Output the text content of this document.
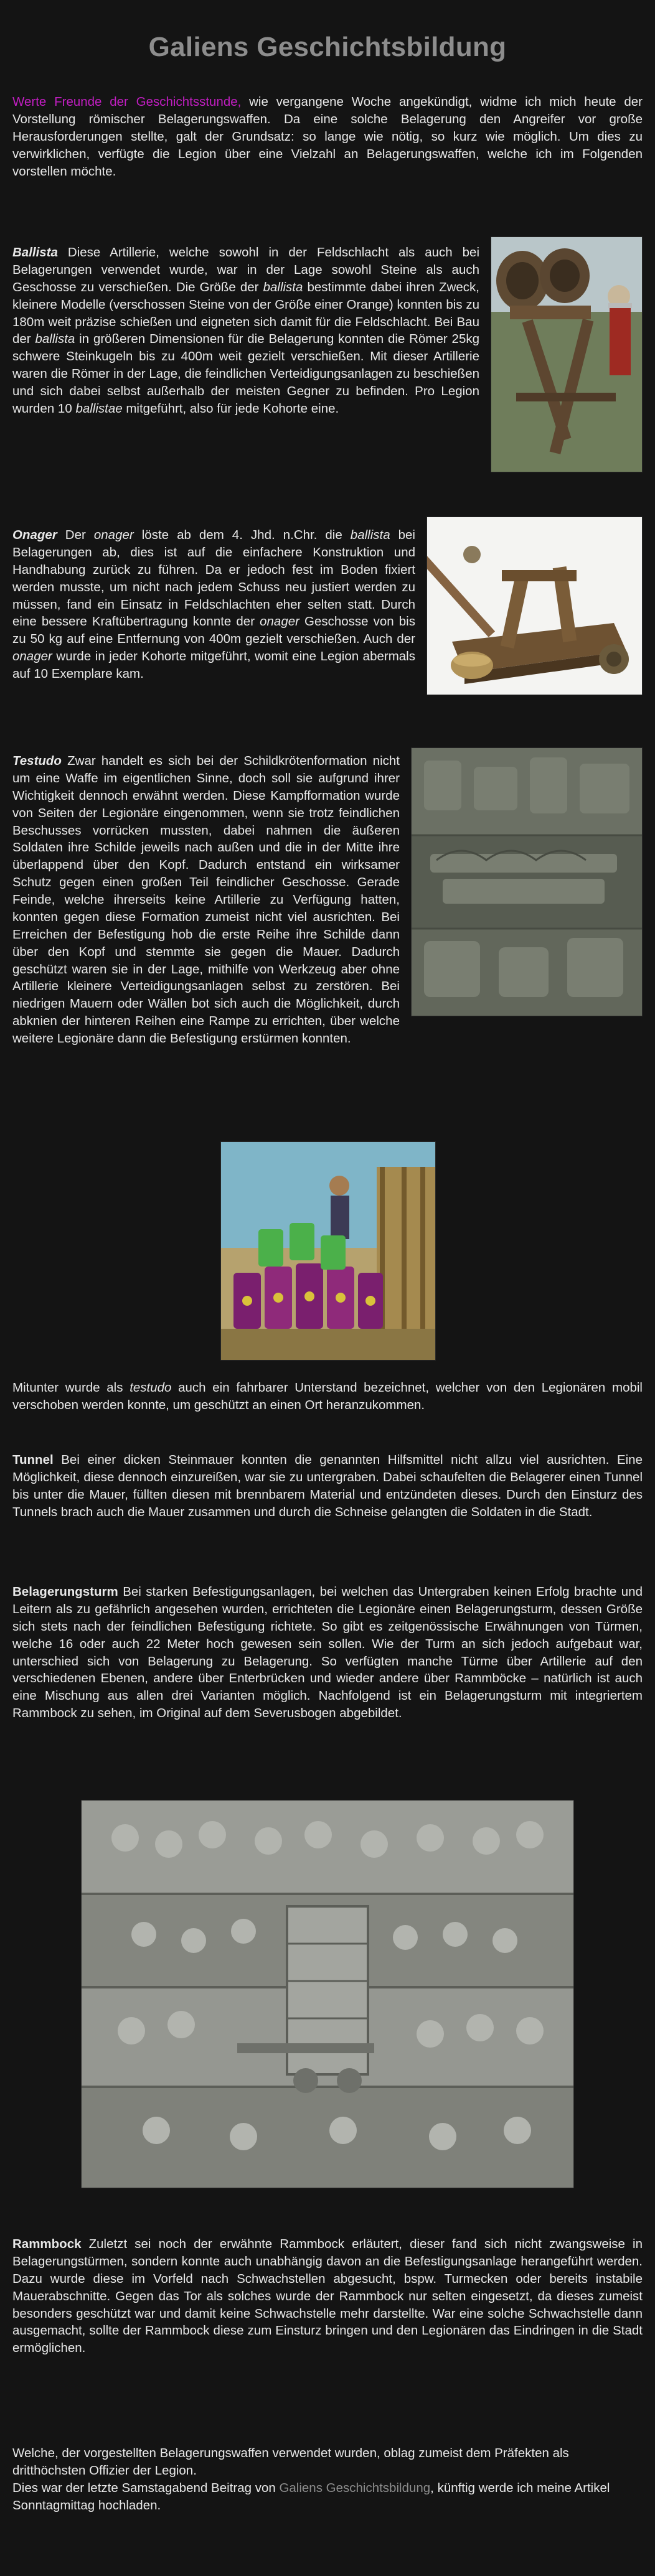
Galiens Geschichtsbildung

Werte Freunde der Geschichtsstunde, wie vergangene Woche angekündigt, widme ich mich heute der Vorstellung römischer Belagerungswaffen. Da eine solche Belagerung den Angreifer vor große Herausforderungen stellte, galt der Grundsatz: so lange wie nötig, so kurz wie möglich. Um dies zu verwirklichen, verfügte die Legion über eine Vielzahl an Belagerungswaffen, welche ich im Folgenden vorstellen möchte.

Ballista Diese Artillerie, welche sowohl in der Feldschlacht als auch bei Belagerungen verwendet wurde, war in der Lage sowohl Steine als auch Geschosse zu verschießen. Die Größe der ballista bestimmte dabei ihren Zweck, kleinere Modelle (verschossen Steine von der Größe einer Orange) konnten bis zu 180m weit präzise schießen und eigneten sich damit für die Feldschlacht. Bei Bau der ballista in größeren Dimensionen für die Belagerung konnten die Römer 25kg schwere Steinkugeln bis zu 400m weit gezielt verschießen. Mit dieser Artillerie waren die Römer in der Lage, die feindlichen Verteidigungsanlagen zu beschießen und sich dabei selbst außerhalb der meisten Gegner zu befinden. Pro Legion wurden 10 ballistae mitgeführt, also für jede Kohorte eine.

Onager Der onager löste ab dem 4. Jhd. n.Chr. die ballista bei Belagerungen ab, dies ist auf die einfachere Konstruktion und Handhabung zurück zu führen. Da er jedoch fest im Boden fixiert werden musste, um nicht nach jedem Schuss neu justiert werden zu müssen, fand ein Einsatz in Feldschlachten eher selten statt. Durch eine bessere Kraftübertragung konnte der onager Geschosse von bis zu 50 kg auf eine Entfernung von 400m gezielt verschießen. Auch der onager wurde in jeder Kohorte mitgeführt, womit eine Legion abermals auf 10 Exemplare kam.

Testudo Zwar handelt es sich bei der Schildkrötenformation nicht um eine Waffe im eigentlichen Sinne, doch soll sie aufgrund ihrer Wichtigkeit dennoch erwähnt werden. Diese Kampfformation wurde von Seiten der Legionäre eingenommen, wenn sie trotz feindlichen Beschusses vorrücken mussten, dabei nahmen die äußeren Soldaten ihre Schilde jeweils nach außen und die in der Mitte ihre überlappend über den Kopf. Dadurch entstand ein wirksamer Schutz gegen einen großen Teil feindlicher Geschosse. Gerade Feinde, welche ihrerseits keine Artillerie zu Verfügung hatten, konnten gegen diese Formation zumeist nicht viel ausrichten. Bei Erreichen der Befestigung hob die erste Reihe ihre Schilde dann über den Kopf und stemmte sie gegen die Mauer. Dadurch geschützt waren sie in der Lage, mithilfe von Werkzeug aber ohne Artillerie kleinere Verteidigungsanlagen selbst zu zerstören. Bei niedrigen Mauern oder Wällen bot sich auch die Möglichkeit, durch abknien der hinteren Reihen eine Rampe zu errichten, über welche weitere Legionäre dann die Befestigung erstürmen konnten.

Mitunter wurde als testudo auch ein fahrbarer Unterstand bezeichnet, welcher von den Legionären mobil verschoben werden konnte, um geschützt an einen Ort heranzukommen.

Tunnel Bei einer dicken Steinmauer konnten die genannten Hilfsmittel nicht allzu viel ausrichten. Eine Möglichkeit, diese dennoch einzureißen, war sie zu untergraben. Dabei schaufelten die Belagerer einen Tunnel bis unter die Mauer, füllten diesen mit brennbarem Material und entzündeten dieses. Durch den Einsturz des Tunnels brach auch die Mauer zusammen und durch die Schneise gelangten die Soldaten in die Stadt.

Belagerungsturm Bei starken Befestigungsanlagen, bei welchen das Untergraben keinen Erfolg brachte und Leitern als zu gefährlich angesehen wurden, errichteten die Legionäre einen Belagerungsturm, dessen Größe sich stets nach der feindlichen Befestigung richtete. So gibt es zeitgenössische Erwähnungen von Türmen, welche 16 oder auch 22 Meter hoch gewesen sein sollen. Wie der Turm an sich jedoch aufgebaut war, unterschied sich von Belagerung zu Belagerung. So verfügten manche Türme über Artillerie auf den verschiedenen Ebenen, andere über Enterbrücken und wieder andere über Rammböcke – natürlich ist auch eine Mischung aus allen drei Varianten möglich. Nachfolgend ist ein Belagerungsturm mit integriertem Rammbock zu sehen, im Original auf dem Severusbogen abgebildet.

Rammbock Zuletzt sei noch der erwähnte Rammbock erläutert, dieser fand sich nicht zwangsweise in Belagerungstürmen, sondern konnte auch unabhängig davon an die Befestigungsanlage herangeführt werden. Dazu wurde diese im Vorfeld nach Schwachstellen abgesucht, bspw. Turmecken oder bereits instabile Mauerabschnitte. Gegen das Tor als solches wurde der Rammbock nur selten eingesetzt, da dieses zumeist besonders geschützt war und damit keine Schwachstelle mehr darstellte. War eine solche Schwachstelle dann ausgemacht, sollte der Rammbock diese zum Einsturz bringen und den Legionären das Eindringen in die Stadt ermöglichen.

Welche, der vorgestellten Belagerungswaffen verwendet wurden, oblag zumeist dem Präfekten als dritthöchsten Offizier der Legion.

Dies war der letzte Samstagabend Beitrag von Galiens Geschichtsbildung, künftig werde ich meine Artikel Sonntagmittag hochladen.
